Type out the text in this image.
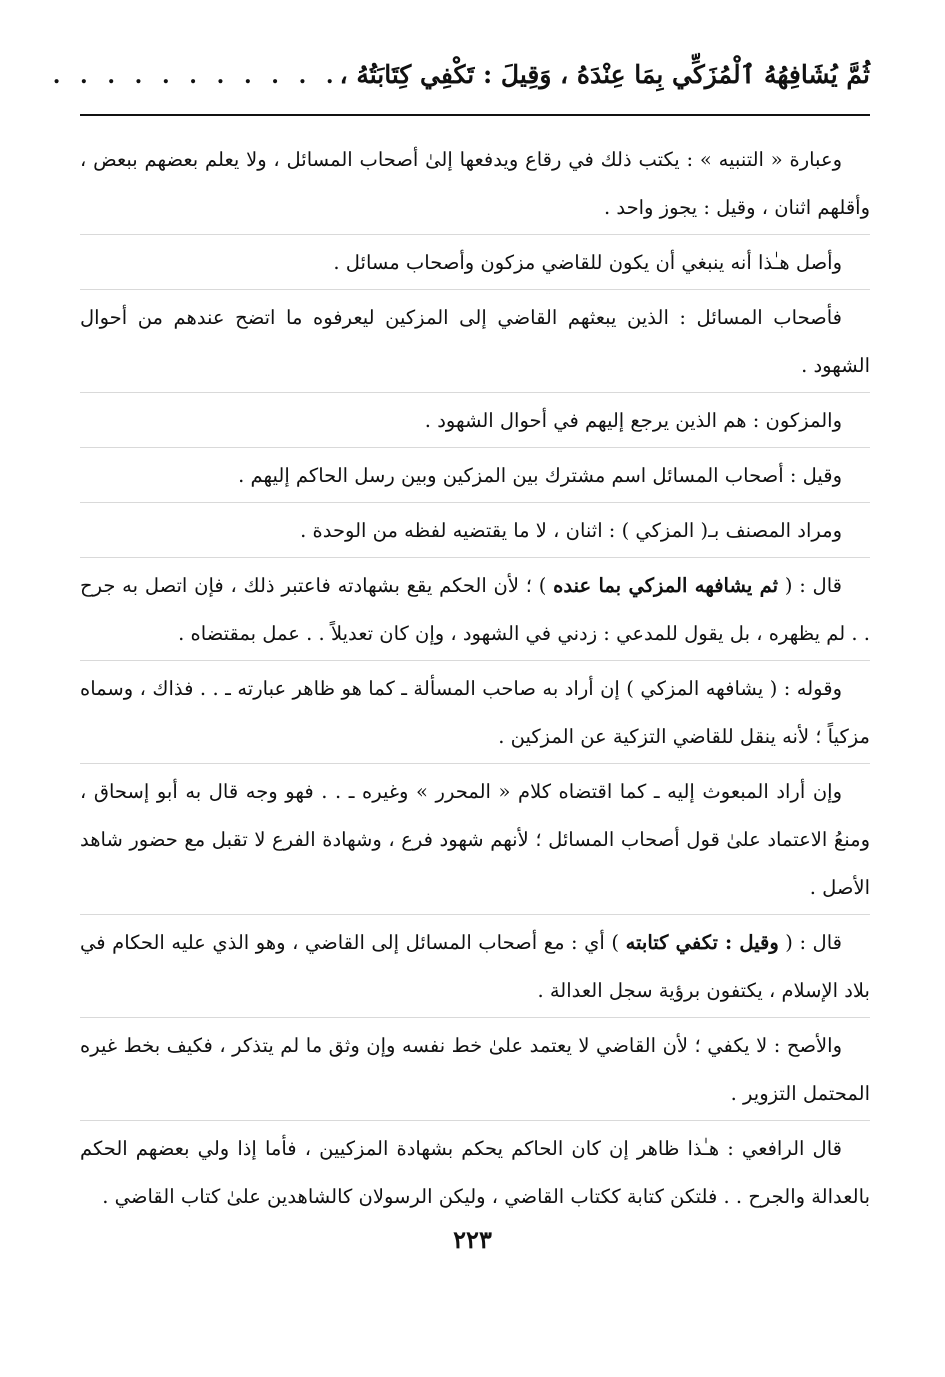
ثُمَّ يُشَافِهُهُ ٱلْمُزَكِّي بِمَا عِنْدَهُ ، وَقِيلَ : تَكْفِي كِتَابَتُهُ ،
. . . . . . . . . . .

وعبارة « التنبيه » : يكتب ذلك في رقاع ويدفعها إلىٰ أصحاب المسائل ، ولا يعلم بعضهم ببعض ، وأقلهم اثنان ، وقيل : يجوز واحد .

وأصل هـٰذا أنه ينبغي أن يكون للقاضي مزكون وأصحاب مسائل .

فأصحاب المسائل : الذين يبعثهم القاضي إلى المزكين ليعرفوه ما اتضح عندهم من أحوال الشهود .

والمزكون : هم الذين يرجع إليهم في أحوال الشهود .

وقيل : أصحاب المسائل اسم مشترك بين المزكين وبين رسل الحاكم إليهم .

ومراد المصنف بـ( المزكي ) : اثنان ، لا ما يقتضيه لفظه من الوحدة .

قال : ( ثم يشافهه المزكي بما عنده ) ؛ لأن الحكم يقع بشهادته فاعتبر ذلك ، فإن اتصل به جرح . . لم يظهره ، بل يقول للمدعي : زدني في الشهود ، وإن كان تعديلاً . . عمل بمقتضاه .

وقوله : ( يشافهه المزكي ) إن أراد به صاحب المسألة ـ كما هو ظاهر عبارته ـ . . فذاك ، وسماه مزكياً ؛ لأنه ينقل للقاضي التزكية عن المزكين .

وإن أراد المبعوث إليه ـ كما اقتضاه كلام « المحرر » وغيره ـ . . فهو وجه قال به أبو إسحاق ، ومنعُ الاعتماد علىٰ قول أصحاب المسائل ؛ لأنهم شهود فرع ، وشهادة الفرع لا تقبل مع حضور شاهد الأصل .

قال : ( وقيل : تكفي كتابته ) أي : مع أصحاب المسائل إلى القاضي ، وهو الذي عليه الحكام في بلاد الإسلام ، يكتفون برؤية سجل العدالة .

والأصح : لا يكفي ؛ لأن القاضي لا يعتمد علىٰ خط نفسه وإن وثق ما لم يتذكر ، فكيف بخط غيره المحتمل التزوير .

قال الرافعي : هـٰذا ظاهر إن كان الحاكم يحكم بشهادة المزكيين ، فأما إذا ولي بعضهم الحكم بالعدالة والجرح . . فلتكن كتابة ككتاب القاضي ، وليكن الرسولان كالشاهدين علىٰ كتاب القاضي .

٢٢٣
